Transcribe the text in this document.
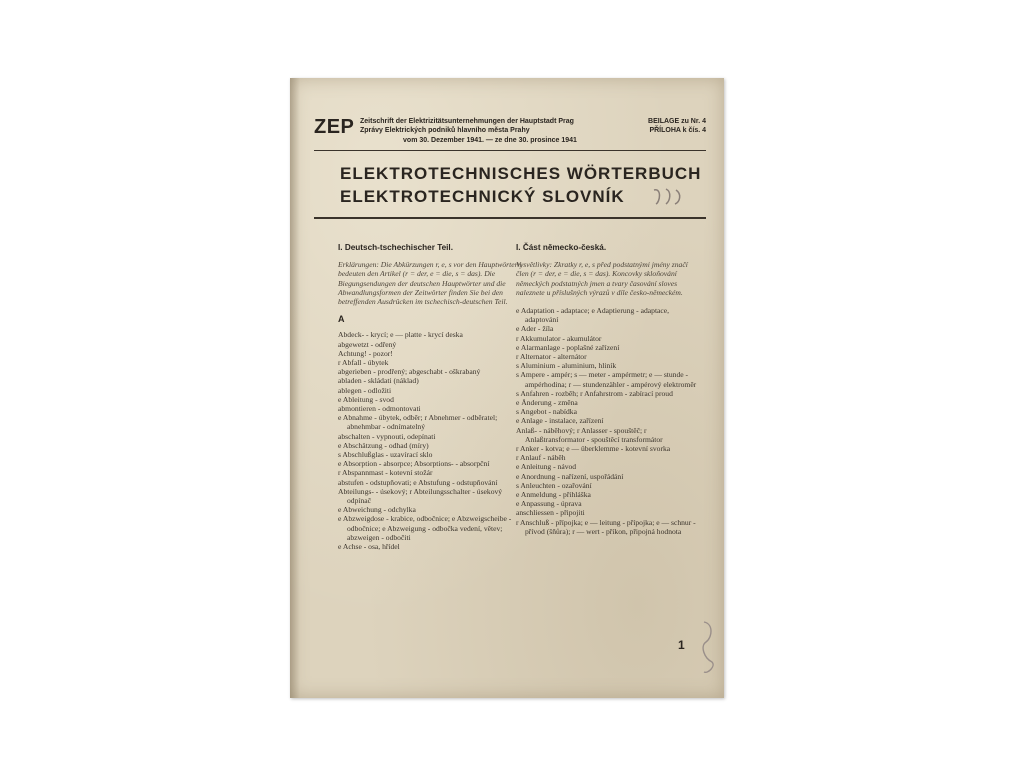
ZEP Zeitschrift der Elektrizitätsunternehmungen der Hauptstadt Prag
Zprávy Elektrických podniků hlavního města Prahy
vom 30. Dezember 1941. — ze dne 30. prosince 1941
BEILAGE zu Nr. 4
PŘÍLOHA k čís. 4
ELEKTROTECHNISCHES WÖRTERBUCH
ELEKTROTECHNICKÝ SLOVNÍK
I. Deutsch-tschechischer Teil.
Erklärungen: Die Abkürzungen r, e, s vor den Hauptwörtern bedeuten den Artikel (r = der, e = die, s = das). Die Biegungsendungen der deutschen Hauptwörter und die Abwandlungsformen der Zeitwörter finden Sie bei den betreffenden Ausdrücken im tschechisch-deutschen Teil.
A
Abdeck- - krycí; e — platte - krycí deska
abgewetzt - odřený
Achtung! - pozor!
r Abfall - úbytek
abgerieben - prodřený; abgeschabt - oškrabaný
abladen - skládati (náklad)
ablegen - odložiti
e Ableitung - svod
abmontieren - odmontovati
e Abnahme - úbytek, odběr; r Abnehmer - odběratel; abnehmbar - odnímatelný
abschalten - vypnouti, odepínati
e Abschätzung - odhad (míry)
s Abschlußglas - uzavírací sklo
e Absorption - absorpce; Absorptions- - absorpční
r Abspannmast - kotevní stožár
abstufen - odstupňovati; e Abstufung - odstupňování
Abteilungs- - úsekový; r Abteilungsschalter - úsekový odpínač
e Abweichung - odchylka
e Abzweigdose - krabice, odbočnice; e Abzweigscheibe - odbočnice; e Abzweigung - odbočka vedení, větev; abzweigen - odbočiti
e Achse - osa, hřídel
I. Část německo-česká.
Vysvětlivky: Zkratky r, e, s před podstatnými jmény značí člen (r = der, e = die, s = das). Koncovky skloňování německých podstatných jmen a tvary časování sloves naleznete u příslušných výrazů v díle česko-německém.
e Adaptation - adaptace; e Adaptierung - adaptace, adaptování
e Ader - žíla
r Akkumulator - akumulátor
e Alarmanlage - poplašné zařízení
r Alternator - alternátor
s Aluminium - aluminium, hliník
s Ampere - ampér; s — meter - ampérmetr; e — stunde - ampérhodina; r — stundenzähler - ampérový elektroměr
s Anfahren - rozběh; r Anfahrstrom - zabírací proud
e Änderung - změna
s Angebot - nabídka
e Anlage - instalace, zařízení
Anlaß- - náběhový; r Anlasser - spouštěč; r Anlaßtransformator - spouštěcí transformátor
r Anker - kotva; e — überklemme - kotevní svorka
r Anlauf - náběh
e Anleitung - návod
e Anordnung - nařízení, uspořádání
s Anleuchten - ozařování
e Anmeldung - přihláška
e Anpassung - úprava
anschliessen - připojiti
r Anschluß - přípojka; e — leitung - přípojka; e — schnur - přívod (šňůra); r — wert - příkon, připojná hodnota
1
